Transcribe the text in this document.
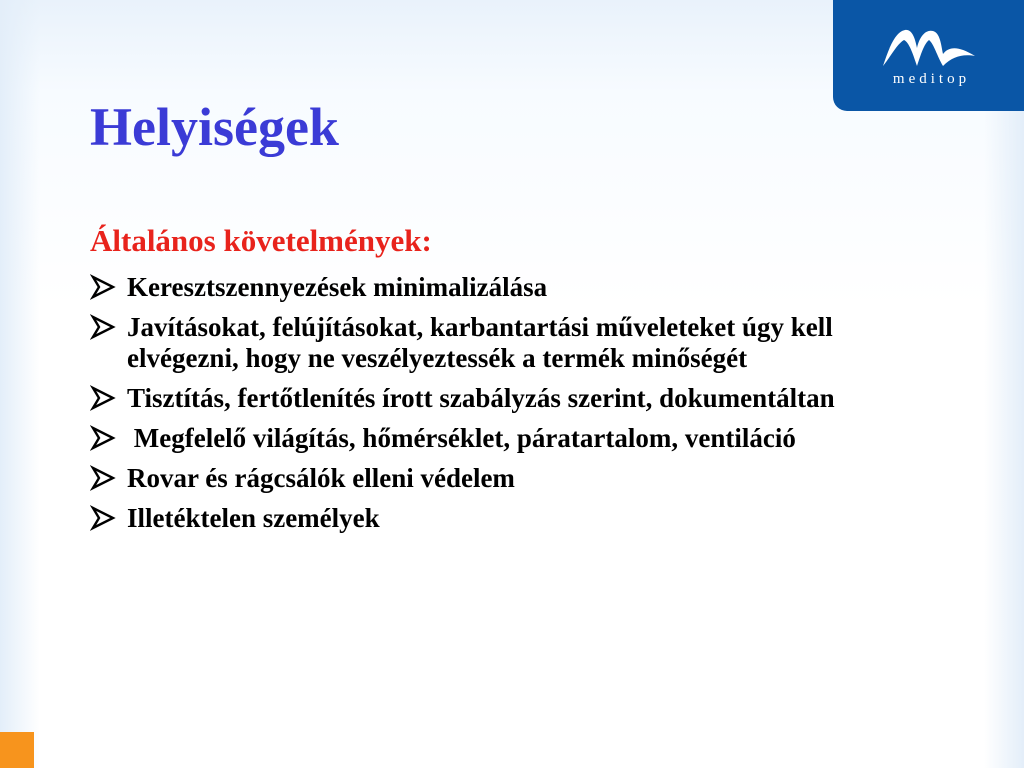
meditop
Helyiségek
Általános követelmények:
Keresztszennyezések minimalizálása
Javításokat, felújításokat, karbantartási műveleteket úgy kell elvégezni, hogy ne veszélyeztessék a termék minőségét
Tisztítás, fertőtlenítés írott szabályzás szerint, dokumentáltan
Megfelelő világítás, hőmérséklet, páratartalom, ventiláció
Rovar és rágcsálók elleni védelem
Illetéktelen személyek
